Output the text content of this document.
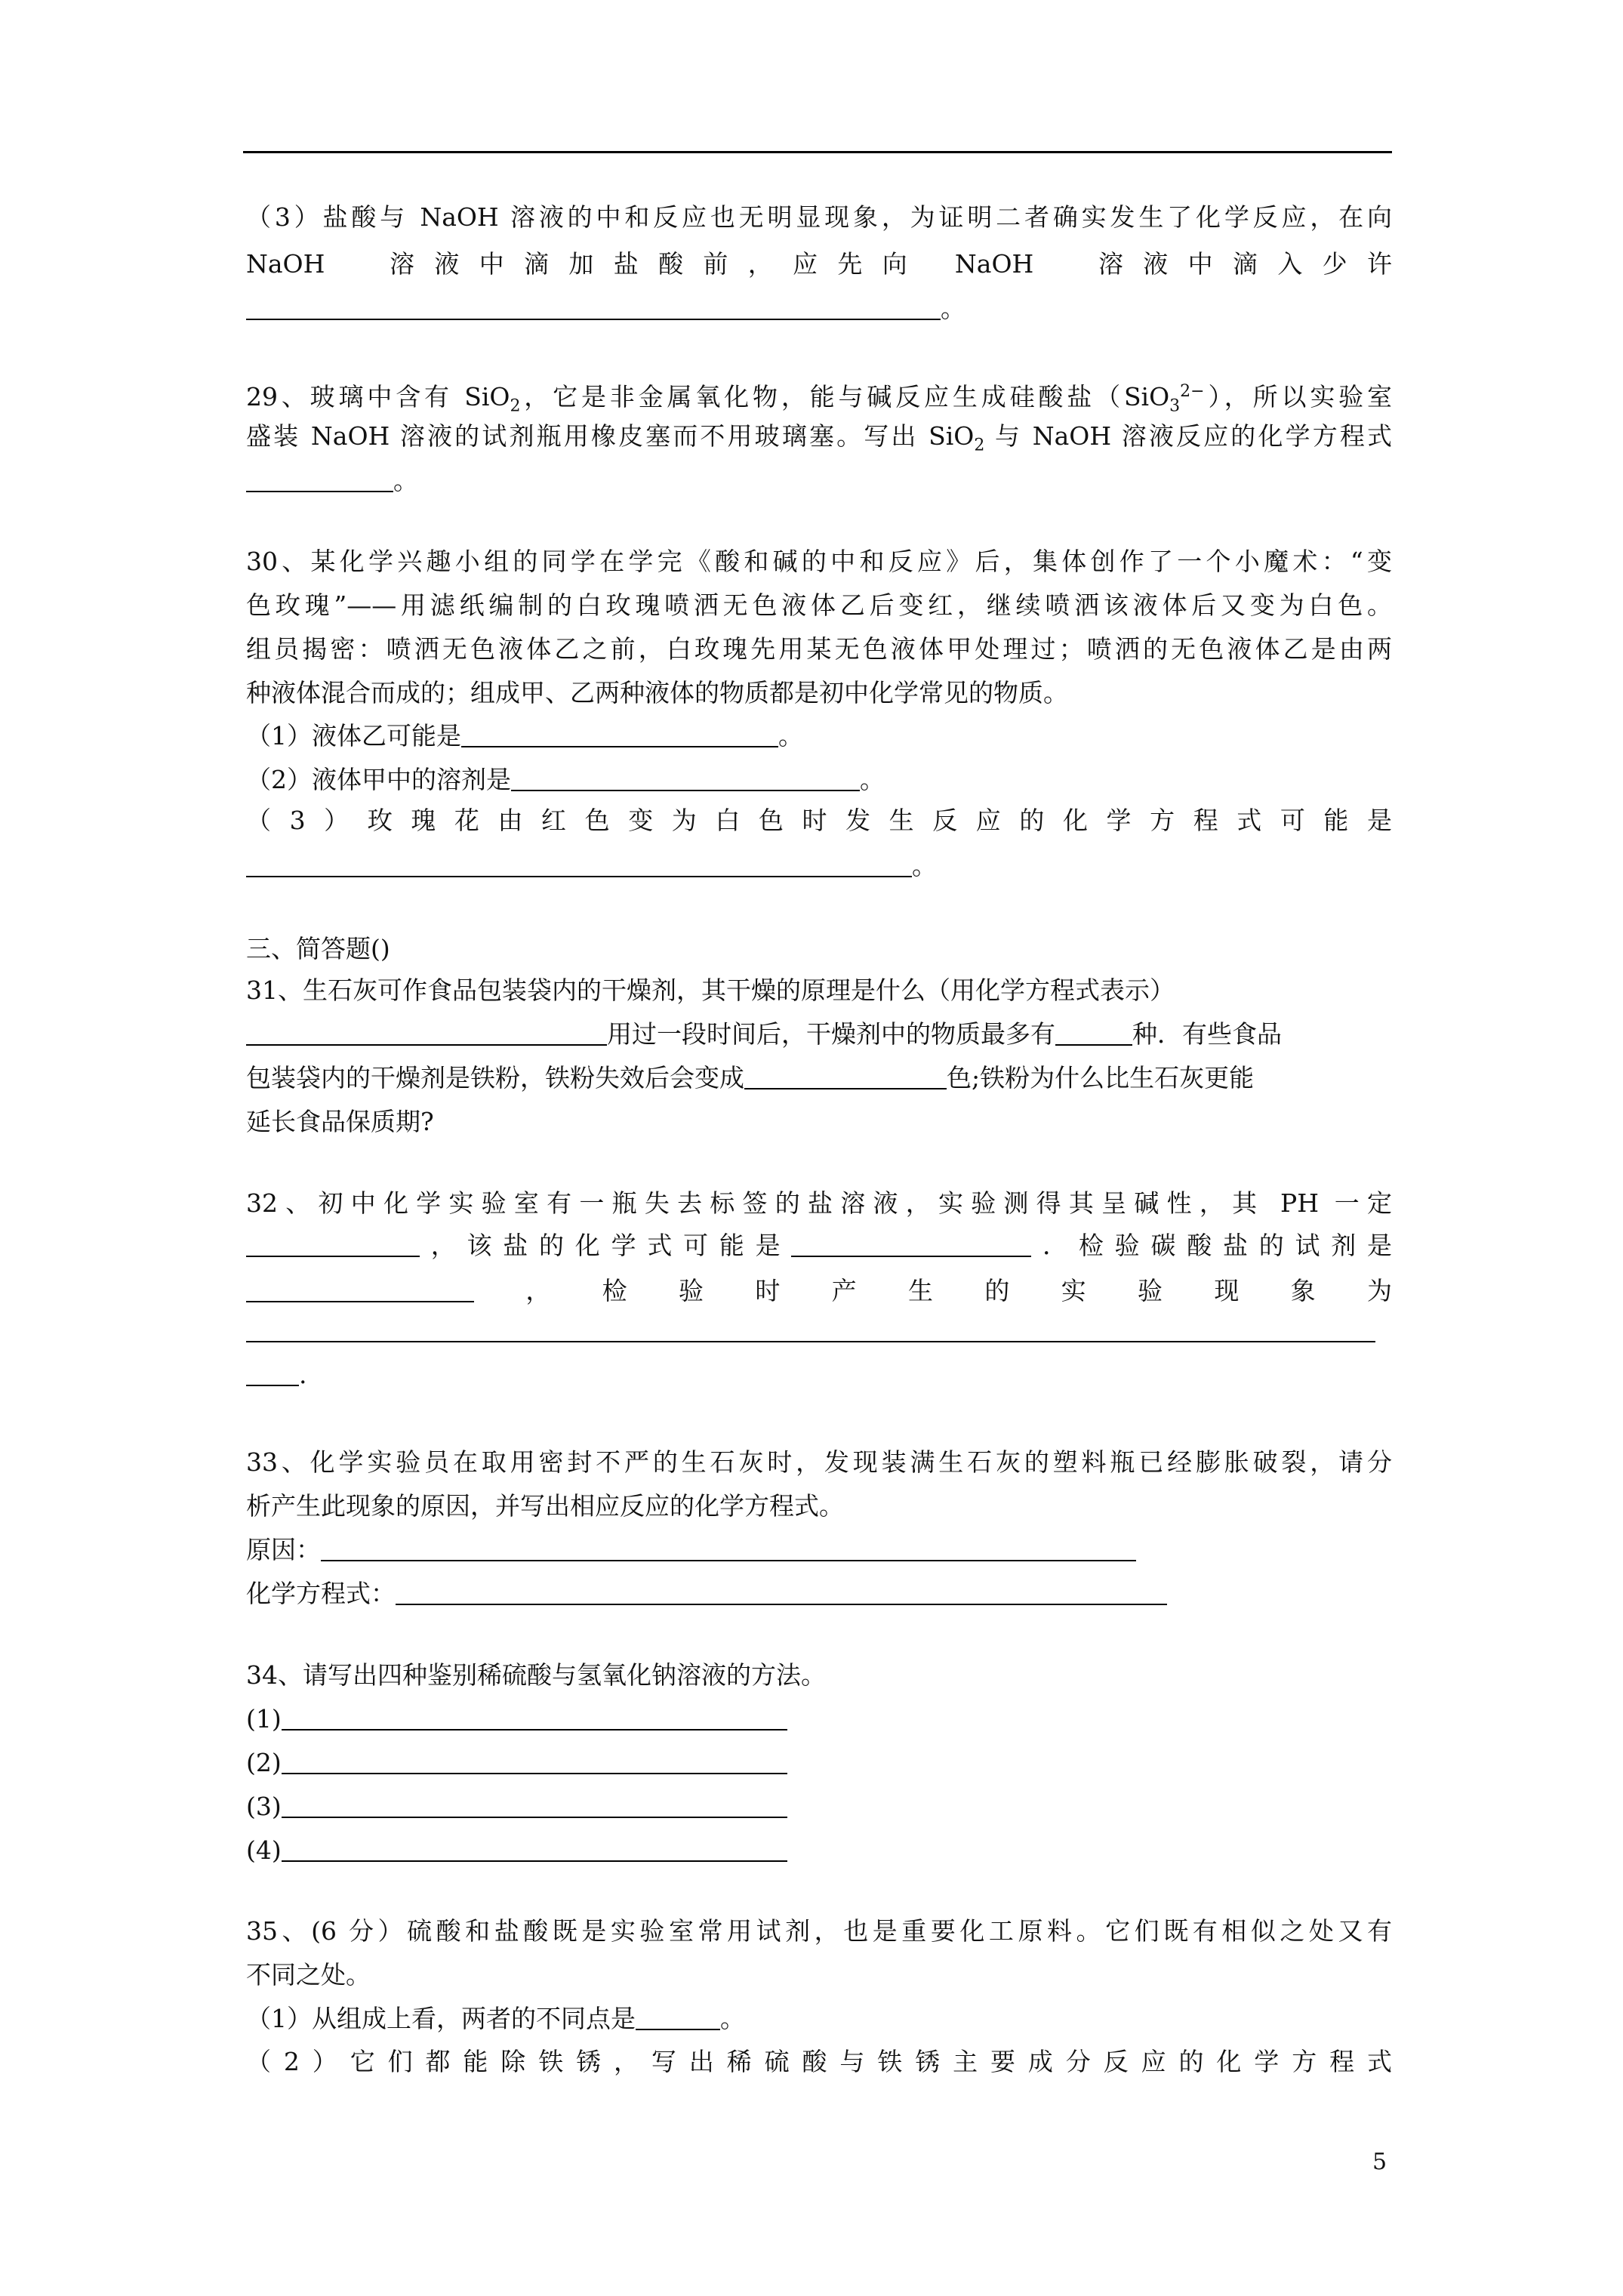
（3）盐酸与 NaOH 溶液的中和反应也无明显现象，为证明二者确实发生了化学反应，在向
NaOH　溶液中滴加盐酸前，应先向 NaOH　溶液中滴入少许
。
29、玻璃中含有 SiO$_2$，它是非金属氧化物，能与碱反应生成硅酸盐（SiO$_3^{2-}$），所以实验室
盛装 NaOH 溶液的试剂瓶用橡皮塞而不用玻璃塞。写出 SiO$_2$ 与 NaOH 溶液反应的化学方程式
。
30、某化学兴趣小组的同学在学完《酸和碱的中和反应》后，集体创作了一个小魔术：“变
色玫瑰”——用滤纸编制的白玫瑰喷洒无色液体乙后变红，继续喷洒该液体后又变为白色。
组员揭密：喷洒无色液体乙之前，白玫瑰先用某无色液体甲处理过；喷洒的无色液体乙是由两
种液体混合而成的；组成甲、乙两种液体的物质都是初中化学常见的物质。
（1）液体乙可能是	。
（2）液体甲中的溶剂是	。
（3）玫瑰花由红色变为白色时发生反应的化学方程式可能是
。
三、简答题()
31、生石灰可作食品包装袋内的干燥剂，其干燥的原理是什么（用化学方程式表示）
用过一段时间后，干燥剂中的物质最多有	种．有些食品
包装袋内的干燥剂是铁粉，铁粉失效后会变成	色;铁粉为什么比生石灰更能
延长食品保质期?
32、初中化学实验室有一瓶失去标签的盐溶液，实验测得其呈碱性，其 PH 一定
，该盐的化学式可能是	．检验碳酸盐的试剂是
，检验时产生的实验现象为
.
33、化学实验员在取用密封不严的生石灰时，发现装满生石灰的塑料瓶已经膨胀破裂，请分
析产生此现象的原因，并写出相应反应的化学方程式。
原因：
化学方程式：
34、请写出四种鉴别稀硫酸与氢氧化钠溶液的方法。
(1)
(2)
(3)
(4)
35、(6 分）硫酸和盐酸既是实验室常用试剂，也是重要化工原料。它们既有相似之处又有
不同之处。
（1）从组成上看，两者的不同点是	。
（2）它们都能除铁锈，写出稀硫酸与铁锈主要成分反应的化学方程式
5
